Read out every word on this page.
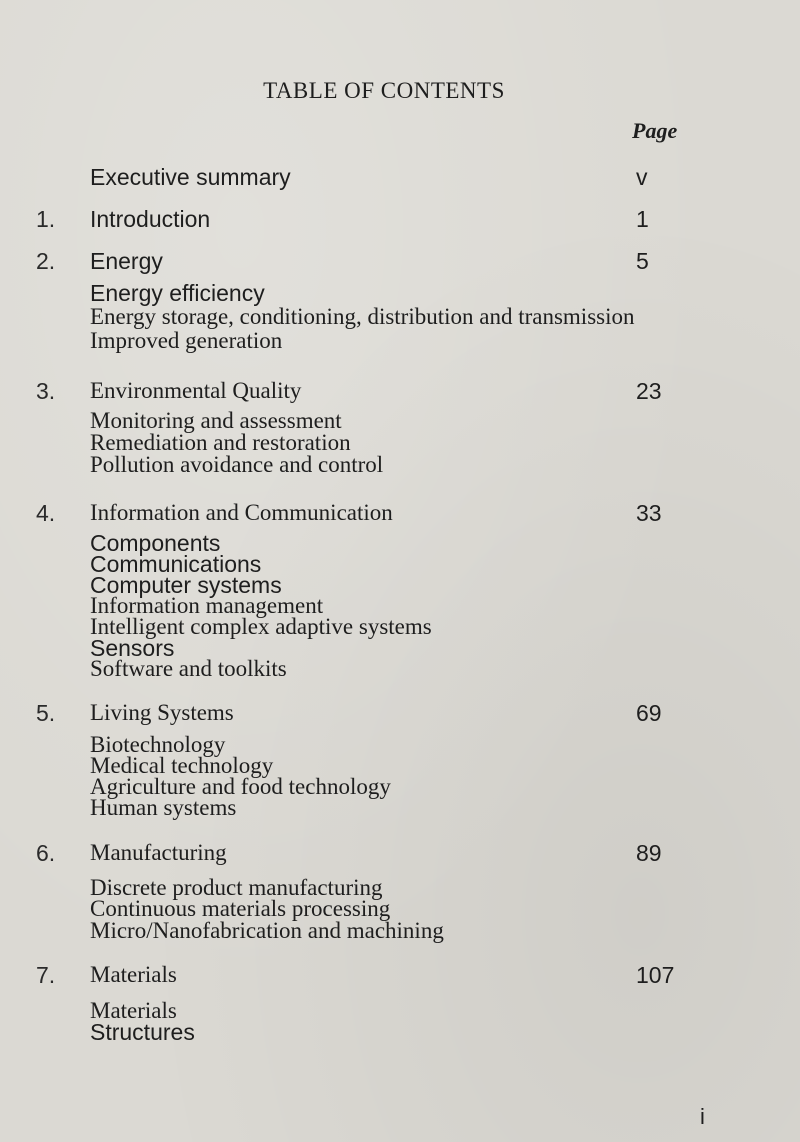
TABLE OF CONTENTS
Page
Executive summary	v
1. Introduction	1
2. Energy	5
Energy efficiency
Energy storage, conditioning, distribution and transmission
Improved generation
3. Environmental Quality	23
Monitoring and assessment
Remediation and restoration
Pollution avoidance and control
4. Information and Communication	33
Components
Communications
Computer systems
Information management
Intelligent complex adaptive systems
Sensors
Software and toolkits
5. Living Systems	69
Biotechnology
Medical technology
Agriculture and food technology
Human systems
6. Manufacturing	89
Discrete product manufacturing
Continuous materials processing
Micro/Nanofabrication and machining
7. Materials	107
Materials
Structures
i
